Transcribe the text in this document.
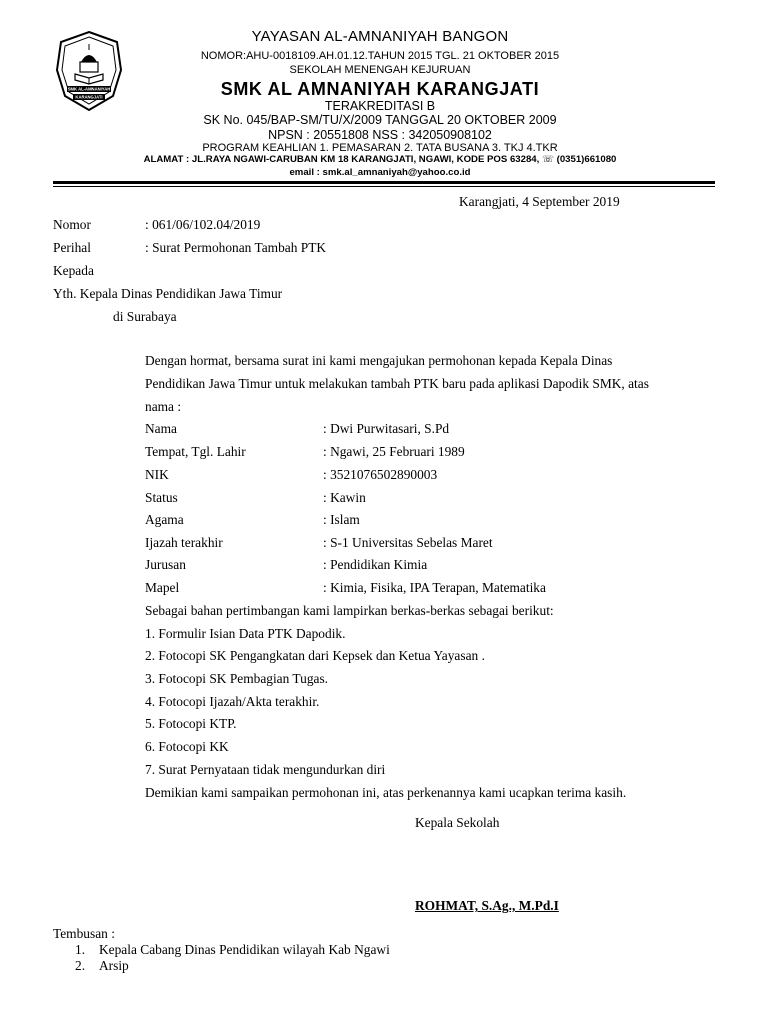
SMK AL-AMNANIYAH
KARANGJATI
YAYASAN AL-AMNANIYAH BANGON
NOMOR:AHU-0018109.AH.01.12.TAHUN 2015 TGL. 21 OKTOBER 2015
SEKOLAH MENENGAH KEJURUAN
SMK AL AMNANIYAH KARANGJATI
TERAKREDITASI B
SK No. 045/BAP-SM/TU/X/2009 TANGGAL 20 OKTOBER 2009
NPSN : 20551808 NSS : 342050908102
PROGRAM KEAHLIAN 1. PEMASARAN 2. TATA BUSANA 3. TKJ 4.TKR
ALAMAT : JL.RAYA NGAWI-CARUBAN KM 18 KARANGJATI, NGAWI, KODE POS 63284, ☏ (0351)661080
email : smk.al_amnaniyah@yahoo.co.id
Karangjati, 4 September 2019
Nomor	: 061/06/102.04/2019
Perihal	: Surat Permohonan Tambah PTK
Kepada
Yth. Kepala Dinas Pendidikan Jawa Timur
di Surabaya
Dengan hormat, bersama surat ini kami mengajukan permohonan kepada Kepala Dinas
Pendidikan Jawa Timur untuk melakukan tambah PTK baru pada aplikasi Dapodik SMK, atas
nama :
Nama	: Dwi Purwitasari, S.Pd
Tempat, Tgl. Lahir	: Ngawi, 25 Februari 1989
NIK	: 3521076502890003
Status	: Kawin
Agama	: Islam
Ijazah terakhir	: S-1 Universitas Sebelas Maret
Jurusan	: Pendidikan Kimia
Mapel	: Kimia, Fisika, IPA Terapan, Matematika
Sebagai bahan pertimbangan kami lampirkan berkas-berkas sebagai berikut:
1. Formulir Isian Data PTK Dapodik.
2. Fotocopi SK Pengangkatan dari Kepsek dan Ketua Yayasan .
3. Fotocopi SK Pembagian Tugas.
4. Fotocopi Ijazah/Akta terakhir.
5. Fotocopi KTP.
6. Fotocopi KK
7. Surat Pernyataan tidak mengundurkan diri
Demikian kami sampaikan permohonan ini, atas perkenannya kami ucapkan terima kasih.
Kepala Sekolah
ROHMAT, S.Ag., M.Pd.I
Tembusan :
1. Kepala Cabang Dinas Pendidikan wilayah Kab Ngawi
2. Arsip
